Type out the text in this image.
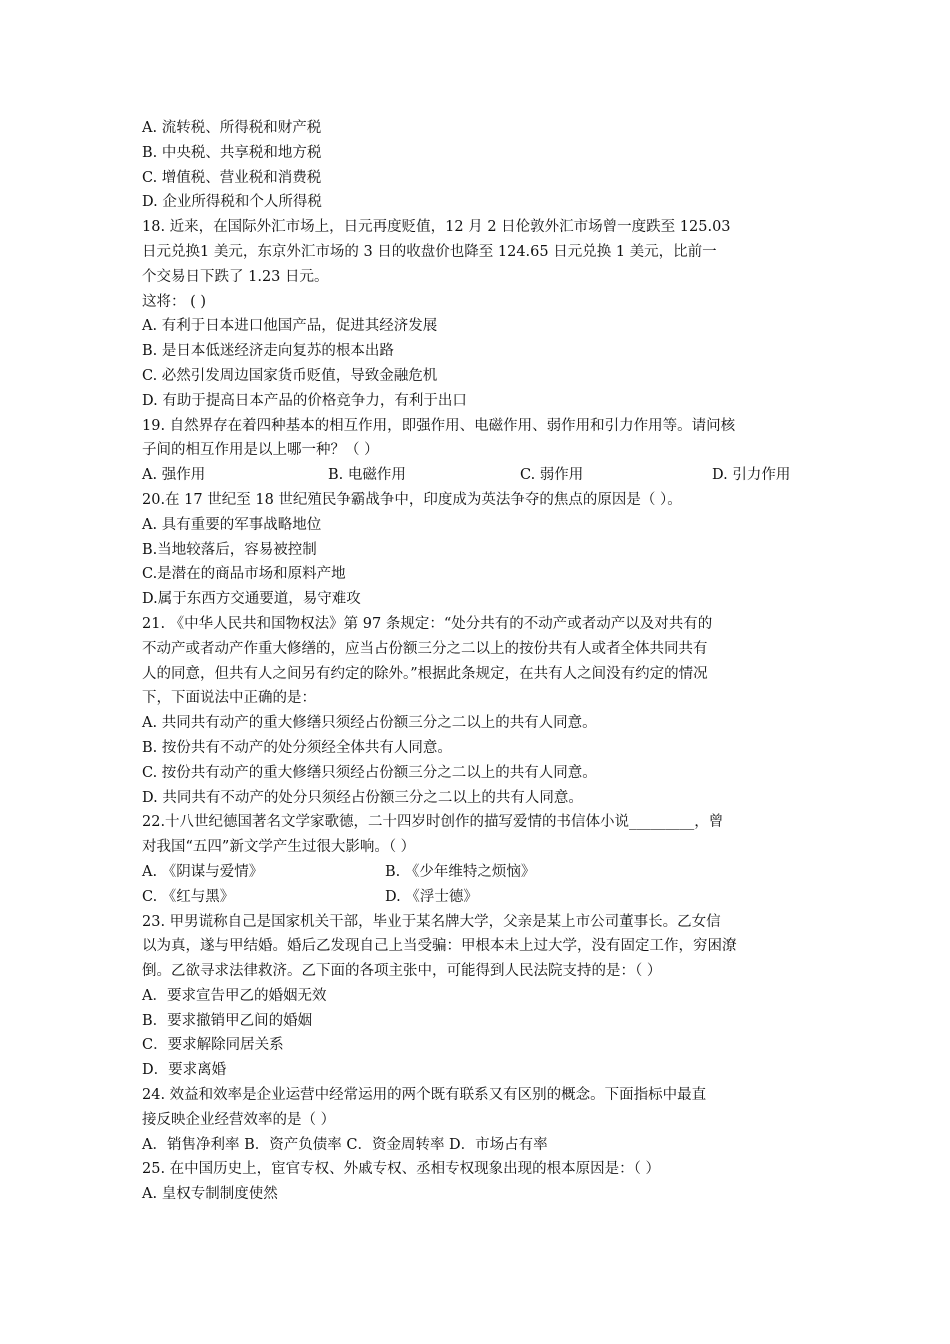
A. 流转税、所得税和财产税
B. 中央税、共享税和地方税
C. 增值税、营业税和消费税
D. 企业所得税和个人所得税
18. 近来，在国际外汇市场上，日元再度贬值，12 月 2 日伦敦外汇市场曾一度跌至 125.03
日元兑换1 美元，东京外汇市场的 3 日的收盘价也降至 124.65 日元兑换 1 美元，比前一
个交易日下跌了 1.23 日元。
这将： ( )
A. 有利于日本进口他国产品，促进其经济发展
B. 是日本低迷经济走向复苏的根本出路
C. 必然引发周边国家货币贬值，导致金融危机
D. 有助于提高日本产品的价格竞争力，有利于出口
19. 自然界存在着四种基本的相互作用，即强作用、电磁作用、弱作用和引力作用等。请问核
子间的相互作用是以上哪一种？（ ）
A. 强作用	B. 电磁作用	C. 弱作用	D. 引力作用
20.在 17 世纪至 18 世纪殖民争霸战争中，印度成为英法争夺的焦点的原因是（ ）。
A. 具有重要的军事战略地位
B.当地较落后，容易被控制
C.是潜在的商品市场和原料产地
D.属于东西方交通要道，易守难攻
21. 《中华人民共和国物权法》第 97 条规定：“处分共有的不动产或者动产以及对共有的
不动产或者动产作重大修缮的，应当占份额三分之二以上的按份共有人或者全体共同共有
人的同意，但共有人之间另有约定的除外。”根据此条规定，在共有人之间没有约定的情况
下，下面说法中正确的是：
A. 共同共有动产的重大修缮只须经占份额三分之二以上的共有人同意。
B. 按份共有不动产的处分须经全体共有人同意。
C. 按份共有动产的重大修缮只须经占份额三分之二以上的共有人同意。
D. 共同共有不动产的处分只须经占份额三分之二以上的共有人同意。
22.十八世纪德国著名文学家歌德，二十四岁时创作的描写爱情的书信体小说_________，曾
对我国“五四”新文学产生过很大影响。（ ）
A. 《阴谋与爱情》	B. 《少年维特之烦恼》
C. 《红与黑》	D. 《浮士德》
23. 甲男谎称自己是国家机关干部，毕业于某名牌大学，父亲是某上市公司董事长。乙女信
以为真，遂与甲结婚。婚后乙发现自己上当受骗：甲根本未上过大学，没有固定工作，穷困潦
倒。乙欲寻求法律救济。乙下面的各项主张中，可能得到人民法院支持的是：（ ）
A．要求宣告甲乙的婚姻无效
B．要求撤销甲乙间的婚姻
C．要求解除同居关系
D．要求离婚
24. 效益和效率是企业运营中经常运用的两个既有联系又有区别的概念。下面指标中最直
接反映企业经营效率的是（ ）
A．销售净利率 B．资产负债率 C．资金周转率 D．市场占有率
25. 在中国历史上，宦官专权、外戚专权、丞相专权现象出现的根本原因是：（ ）
A. 皇权专制制度使然
